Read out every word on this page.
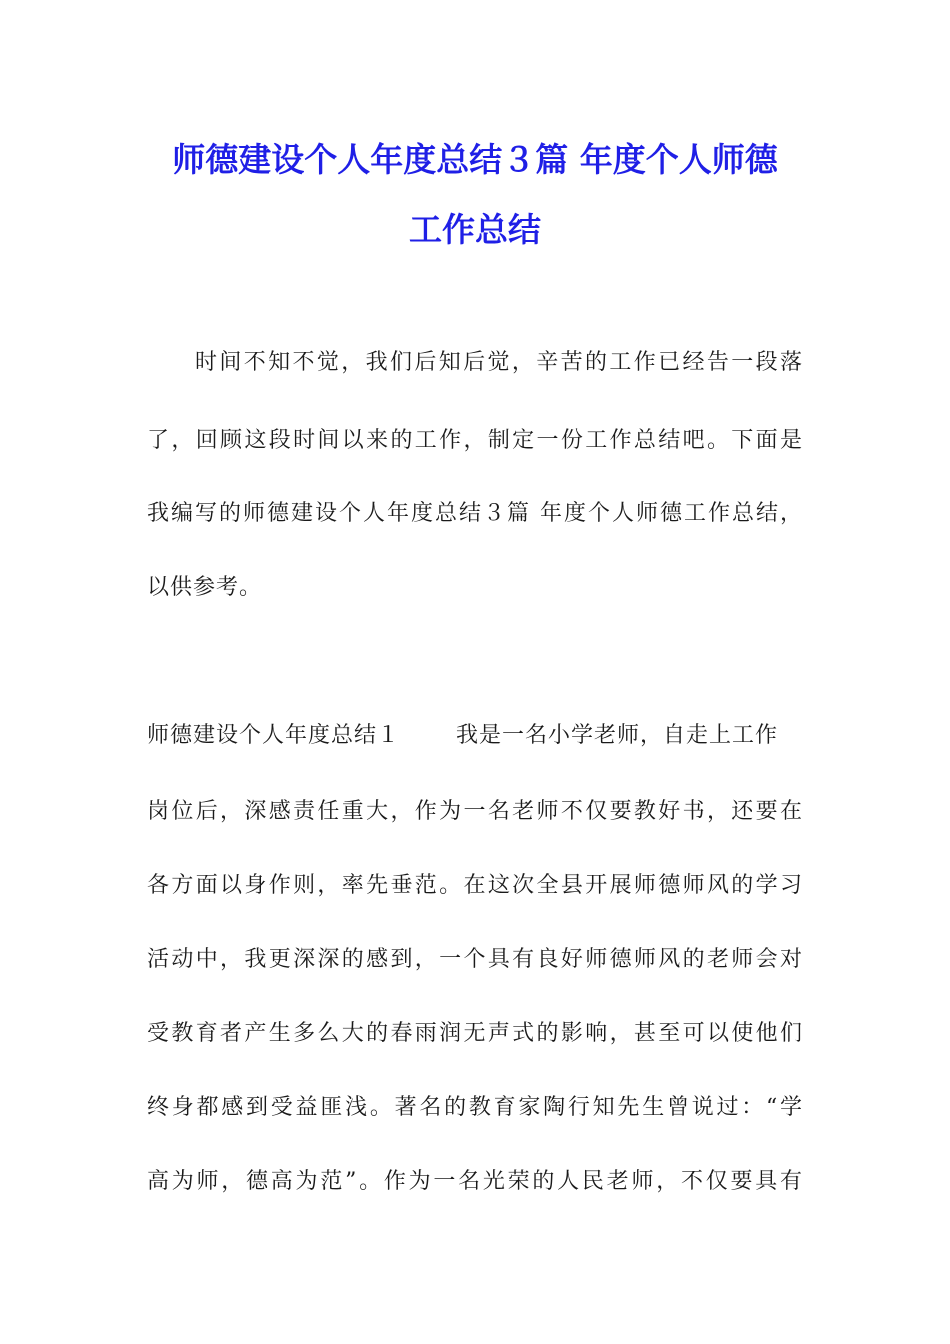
师德建设个人年度总结３篇 年度个人师德
工作总结
时间不知不觉，我们后知后觉，辛苦的工作已经告一段落
了，回顾这段时间以来的工作，制定一份工作总结吧。下面是
我编写的师德建设个人年度总结３篇 年度个人师德工作总结，
以供参考。
师德建设个人年度总结１	我是一名小学老师，自走上工作
岗位后，深感责任重大，作为一名老师不仅要教好书，还要在
各方面以身作则，率先垂范。在这次全县开展师德师风的学习
活动中，我更深深的感到，一个具有良好师德师风的老师会对
受教育者产生多么大的春雨润无声式的影响，甚至可以使他们
终身都感到受益匪浅。著名的教育家陶行知先生曾说过：“学
高为师，德高为范”。作为一名光荣的人民老师，不仅要具有
